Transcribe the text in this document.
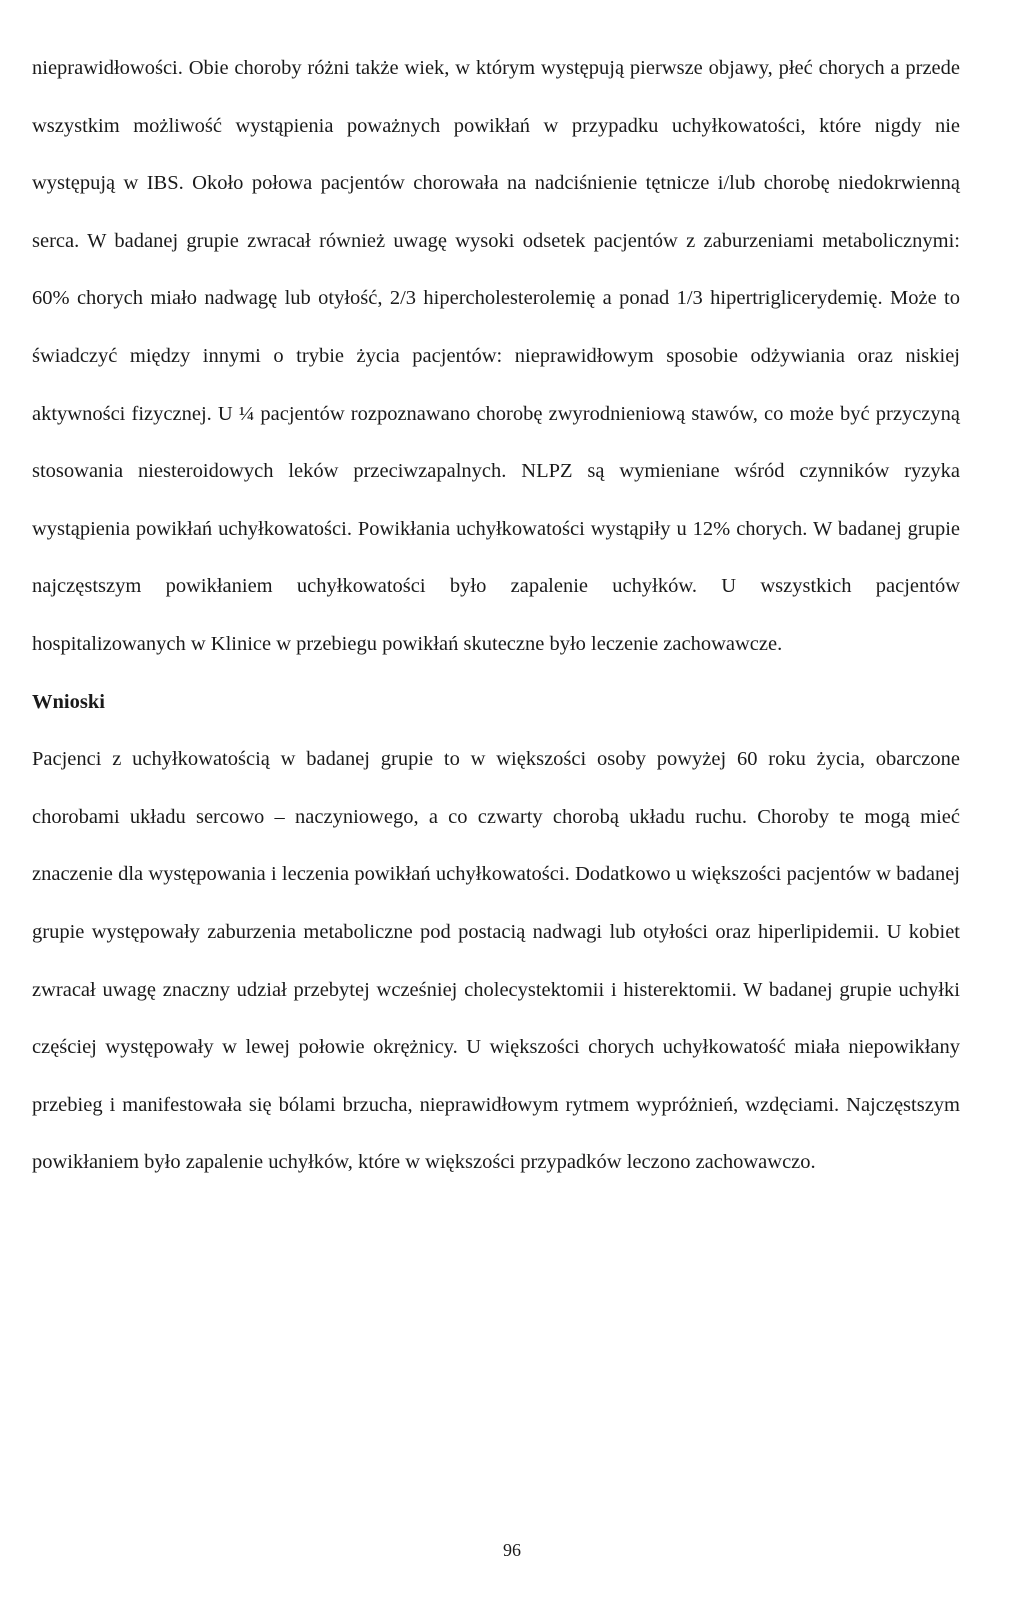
nieprawidłowości. Obie choroby różni także wiek, w którym występują pierwsze objawy, płeć chorych a przede wszystkim możliwość wystąpienia poważnych powikłań w przypadku uchyłkowatości, które nigdy nie występują w IBS. Około połowa pacjentów chorowała na nadciśnienie tętnicze i/lub chorobę niedokrwienną serca. W badanej grupie zwracał również uwagę wysoki odsetek pacjentów z zaburzeniami metabolicznymi: 60% chorych miało nadwagę lub otyłość, 2/3 hipercholesterolemię a ponad 1/3 hipertriglicerydemię. Może to świadczyć między innymi o trybie życia pacjentów: nieprawidłowym sposobie odżywiania oraz niskiej aktywności fizycznej. U ¼ pacjentów rozpoznawano chorobę zwyrodnieniową stawów, co może być przyczyną stosowania niesteroidowych leków przeciwzapalnych. NLPZ są wymieniane wśród czynników ryzyka wystąpienia powikłań uchyłkowatości. Powikłania uchyłkowatości wystąpiły u 12% chorych. W badanej grupie najczęstszym powikłaniem uchyłkowatości było zapalenie uchyłków. U wszystkich pacjentów hospitalizowanych w Klinice w przebiegu powikłań skuteczne było leczenie zachowawcze.

Wnioski

Pacjenci z uchyłkowatością w badanej grupie to w większości osoby powyżej 60 roku życia, obarczone chorobami układu sercowo – naczyniowego, a co czwarty chorobą układu ruchu. Choroby te mogą mieć znaczenie dla występowania i leczenia powikłań uchyłkowatości. Dodatkowo u większości pacjentów w badanej grupie występowały zaburzenia metaboliczne pod postacią nadwagi lub otyłości oraz hiperlipidemii. U kobiet zwracał uwagę znaczny udział przebytej wcześniej cholecystektomii i histerektomii. W badanej grupie uchyłki częściej występowały w lewej połowie okrężnicy. U większości chorych uchyłkowatość miała niepowikłany przebieg i manifestowała się bólami brzucha, nieprawidłowym rytmem wypróżnień, wzdęciami. Najczęstszym powikłaniem było zapalenie uchyłków, które w większości przypadków leczono zachowawczo.

96
